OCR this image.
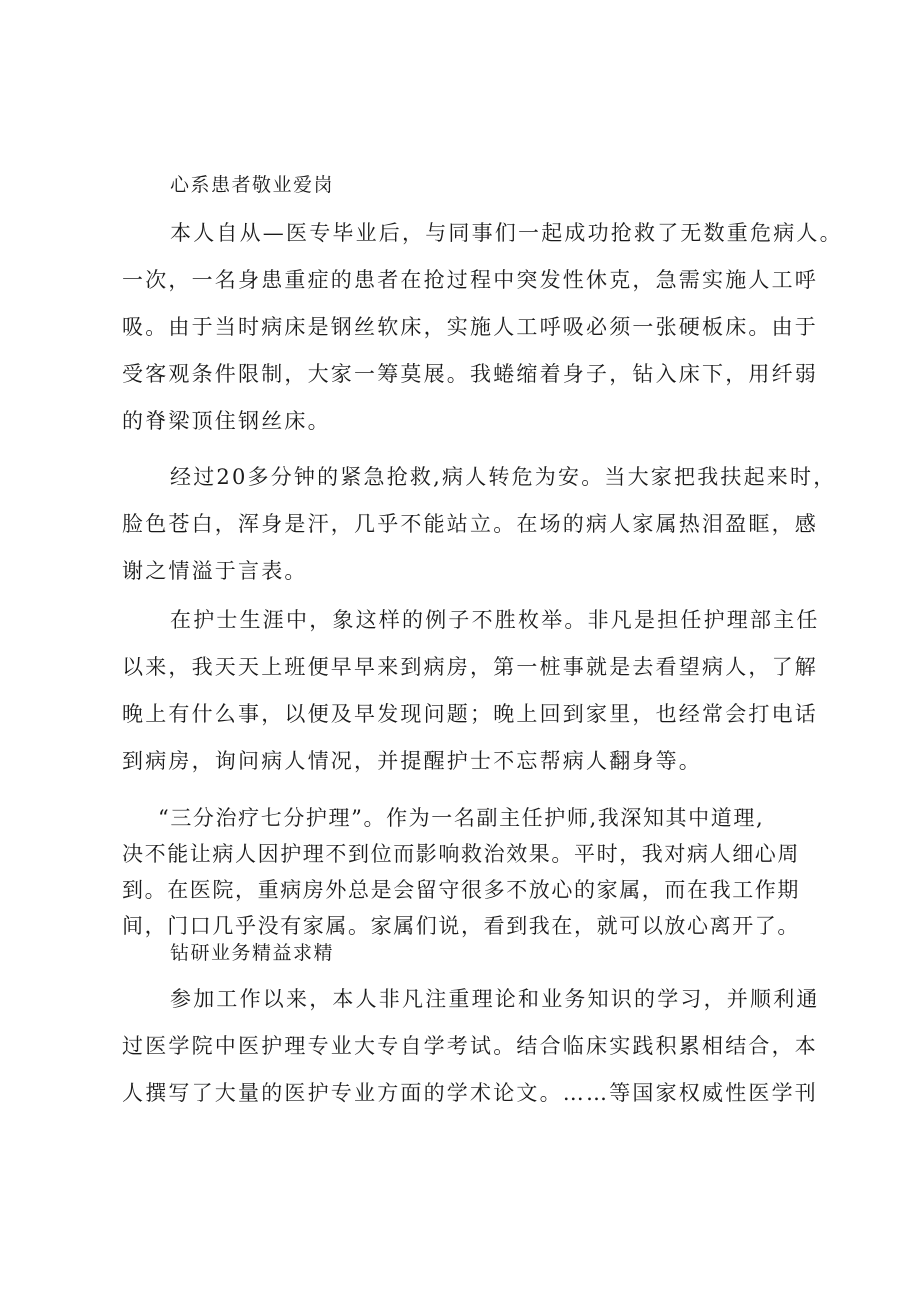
心系患者敬业爱岗
本人自从—医专毕业后，与同事们一起成功抢救了无数重危病人。
一次，一名身患重症的患者在抢过程中突发性休克，急需实施人工呼
吸。由于当时病床是钢丝软床，实施人工呼吸必须一张硬板床。由于
受客观条件限制，大家一筹莫展。我蜷缩着身子，钻入床下，用纤弱
的脊梁顶住钢丝床。
经过20多分钟的紧急抢救,病人转危为安。当大家把我扶起来时，
脸色苍白，浑身是汗，几乎不能站立。在场的病人家属热泪盈眶，感
谢之情溢于言表。
在护士生涯中，象这样的例子不胜枚举。非凡是担任护理部主任
以来，我天天上班便早早来到病房，第一桩事就是去看望病人，了解
晚上有什么事，以便及早发现问题；晚上回到家里，也经常会打电话
到病房，询问病人情况，并提醒护士不忘帮病人翻身等。
“三分治疗七分护理”。作为一名副主任护师,我深知其中道理,
决不能让病人因护理不到位而影响救治效果。平时，我对病人细心周
到。在医院，重病房外总是会留守很多不放心的家属，而在我工作期
间，门口几乎没有家属。家属们说，看到我在，就可以放心离开了。
钻研业务精益求精
参加工作以来，本人非凡注重理论和业务知识的学习，并顺利通
过医学院中医护理专业大专自学考试。结合临床实践积累相结合，本
人撰写了大量的医护专业方面的学术论文。……等国家权威性医学刊
